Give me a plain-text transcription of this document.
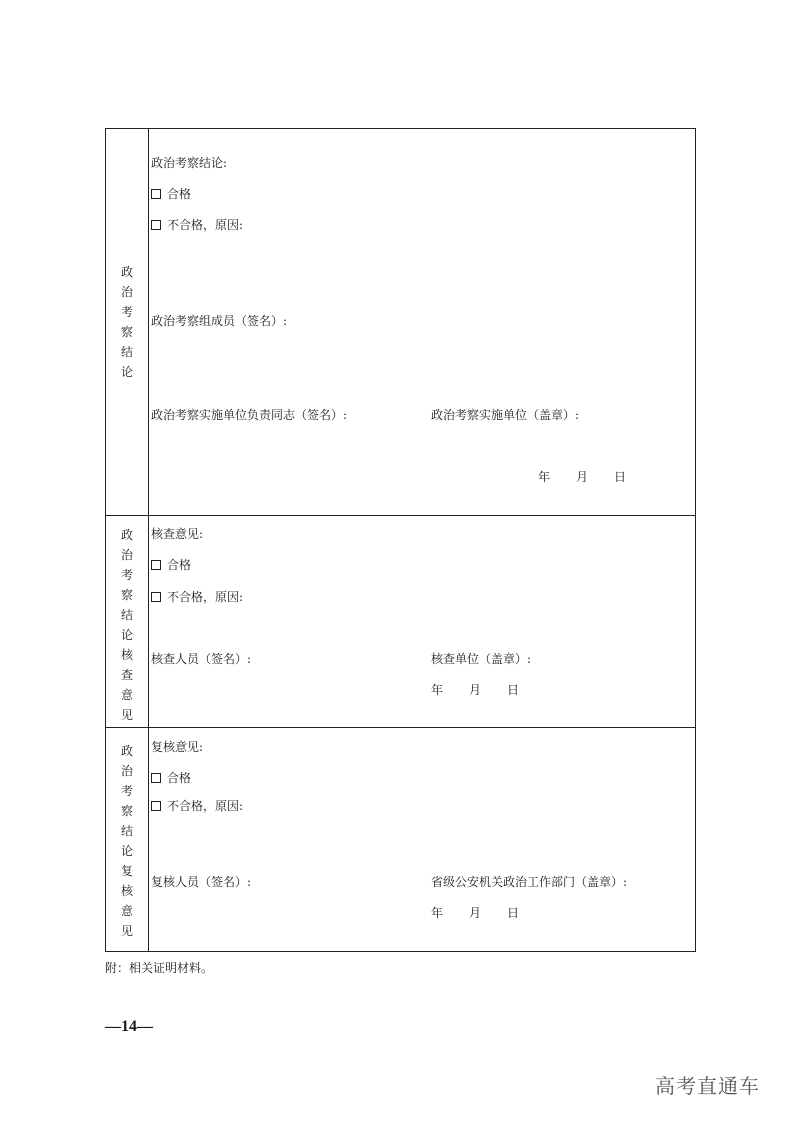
政治考察结论
政治考察结论:
合格
不合格，原因:
政治考察组成员（签名）:
政治考察实施单位负责同志（签名）:	政治考察实施单位（盖章）:
年 月 日
政治考察结论核查意见
核查意见:
合格
不合格，原因:
核查人员（签名）:	核查单位（盖章）:
年 月 日
政治考察结论复核意见
复核意见:
合格
不合格，原因:
复核人员（签名）:	省级公安机关政治工作部门（盖章）:
年 月 日
附：相关证明材料。
—14—
高考直通车
